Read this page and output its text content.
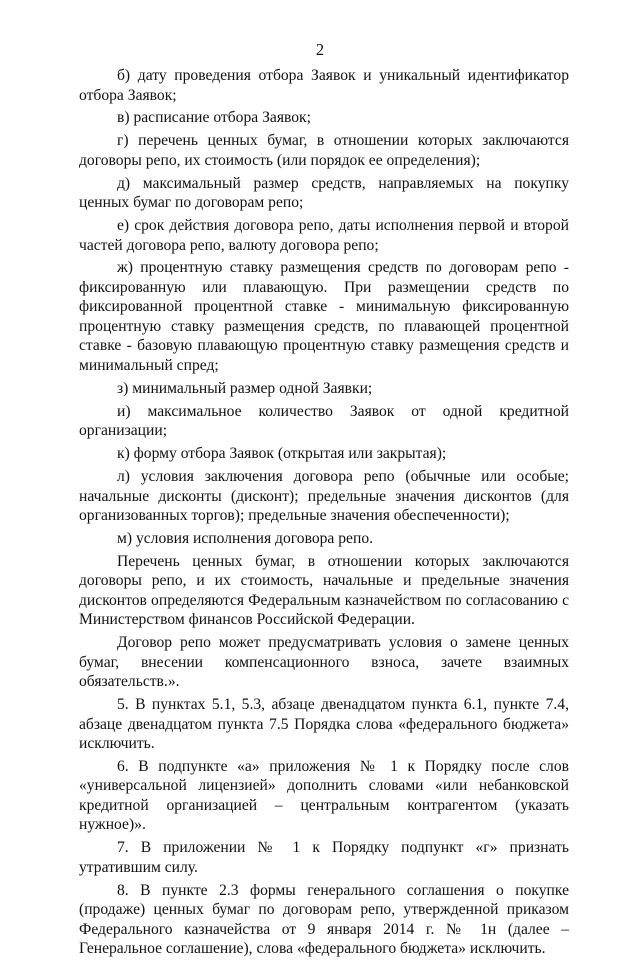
2

б) дату проведения отбора Заявок и уникальный идентификатор отбора Заявок;

в) расписание отбора Заявок;

г) перечень ценных бумаг, в отношении которых заключаются договоры репо, их стоимость (или порядок ее определения);

д) максимальный размер средств, направляемых на покупку ценных бумаг по договорам репо;

е) срок действия договора репо, даты исполнения первой и второй частей договора репо, валюту договора репо;

ж) процентную ставку размещения средств по договорам репо - фиксированную или плавающую. При размещении средств по фиксированной процентной ставке - минимальную фиксированную процентную ставку размещения средств, по плавающей процентной ставке - базовую плавающую процентную ставку размещения средств и минимальный спред;

з) минимальный размер одной Заявки;

и) максимальное количество Заявок от одной кредитной организации;

к) форму отбора Заявок (открытая или закрытая);

л) условия заключения договора репо (обычные или особые; начальные дисконты (дисконт); предельные значения дисконтов (для организованных торгов); предельные значения обеспеченности);

м) условия исполнения договора репо.

Перечень ценных бумаг, в отношении которых заключаются договоры репо, и их стоимость, начальные и предельные значения дисконтов определяются Федеральным казначейством по согласованию с Министерством финансов Российской Федерации.

Договор репо может предусматривать условия о замене ценных бумаг, внесении компенсационного взноса, зачете взаимных обязательств.».

5. В пунктах 5.1, 5.3, абзаце двенадцатом пункта 6.1, пункте 7.4, абзаце двенадцатом пункта 7.5 Порядка слова «федерального бюджета» исключить.

6. В подпункте «а» приложения № 1 к Порядку после слов «универсальной лицензией» дополнить словами «или небанковской кредитной организацией – центральным контрагентом (указать нужное)».

7. В приложении № 1 к Порядку подпункт «г» признать утратившим силу.

8. В пункте 2.3 формы генерального соглашения о покупке (продаже) ценных бумаг по договорам репо, утвержденной приказом Федерального казначейства от 9 января 2014 г. № 1н (далее – Генеральное соглашение), слова «федерального бюджета» исключить.
